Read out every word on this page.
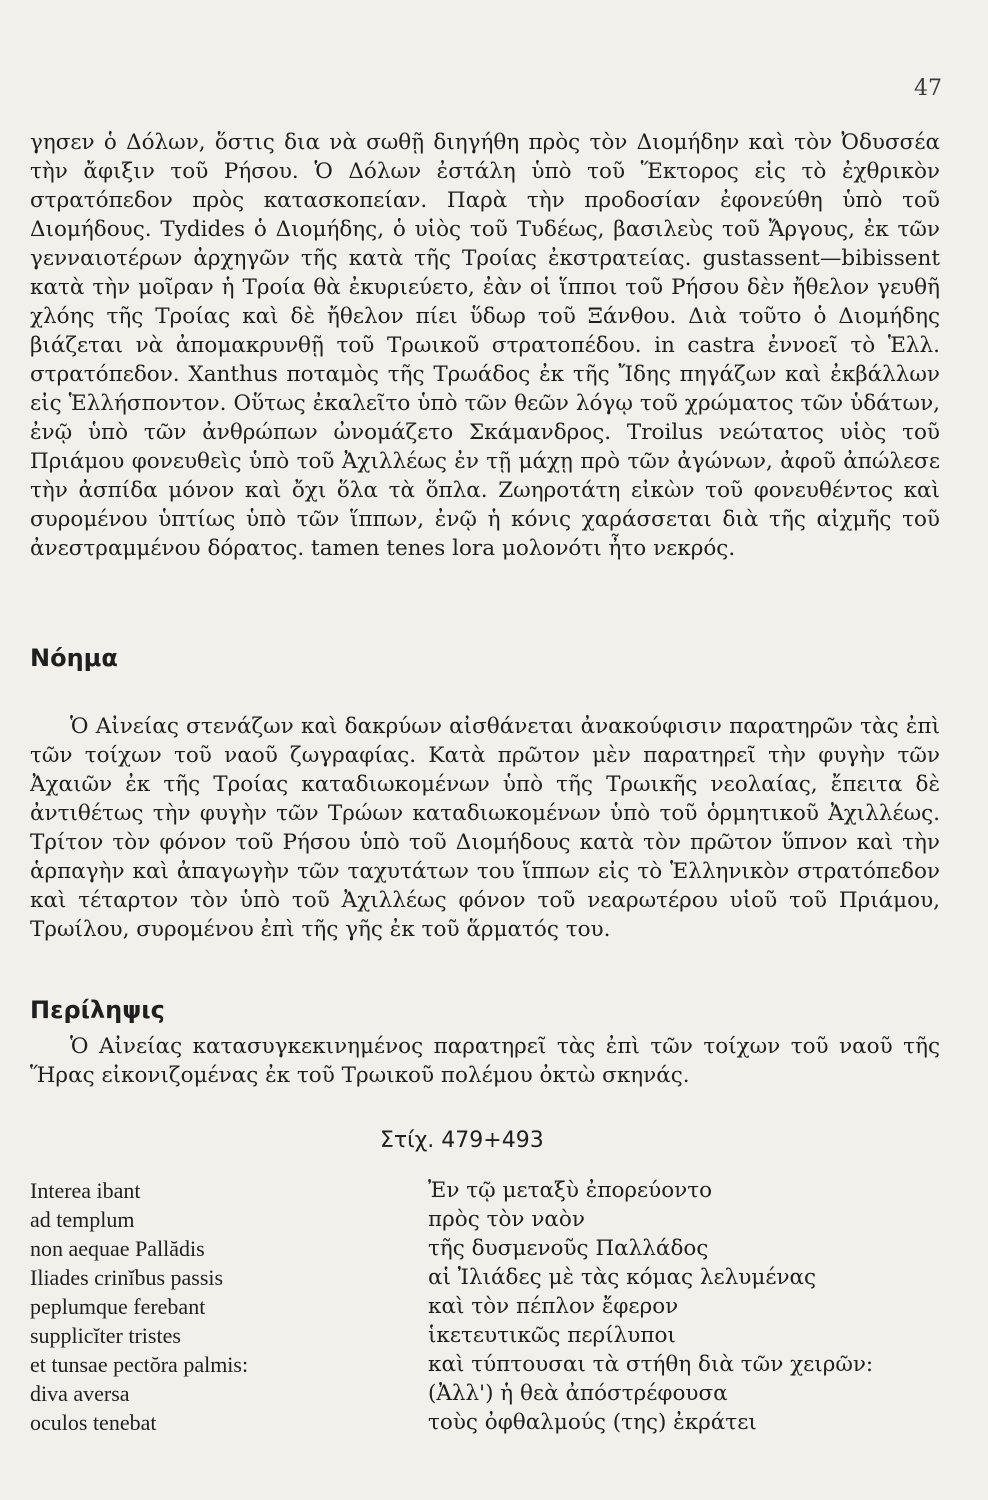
47

γησεν ὁ Δόλων, ὅστις δια νὰ σωθῇ διηγήθη πρὸς τὸν Διομήδην καὶ τὸν Ὀδυσσέα τὴν ἄφιξιν τοῦ Ρήσου. Ὁ Δόλων ἐστάλη ὑπὸ τοῦ Ἕκτορος εἰς τὸ ἐχθρικὸν στρατόπεδον πρὸς κατασκοπείαν. Παρὰ τὴν προδοσίαν ἐφονεύθη ὑπὸ τοῦ Διομήδους. Tydides ὁ Διομήδης, ὁ υἱὸς τοῦ Τυδέως, βασιλεὺς τοῦ Ἄργους, ἐκ τῶν γενναιοτέρων ἀρχηγῶν τῆς κατὰ τῆς Τροίας ἐκστρατείας. gustassent—bibissent κατὰ τὴν μοῖραν ἡ Τροία θὰ ἐκυριεύετο, ἐὰν οἱ ἵπποι τοῦ Ρήσου δὲν ἤθελον γευθῆ χλόης τῆς Τροίας καὶ δὲ ἤθελον πίει ὕδωρ τοῦ Ξάνθου. Διὰ τοῦτο ὁ Διομήδης βιάζεται νὰ ἀπομακρυνθῇ τοῦ Τρωικοῦ στρατοπέδου. in castra ἐννοεῖ τὸ Ἑλλ. στρατόπεδον. Xanthus ποταμὸς τῆς Τρωάδος ἐκ τῆς Ἴδης πηγάζων καὶ ἐκβάλλων εἰς Ἑλλήσποντον. Οὕτως ἐκαλεῖτο ὑπὸ τῶν θεῶν λόγῳ τοῦ χρώματος τῶν ὑδάτων, ἐνῷ ὑπὸ τῶν ἀνθρώπων ὠνομάζετο Σκάμανδρος. Troilus νεώτατος υἱὸς τοῦ Πριάμου φονευθεὶς ὑπὸ τοῦ Ἀχιλλέως ἐν τῇ μάχῃ πρὸ τῶν ἀγώνων, ἀφοῦ ἀπώλεσε τὴν ἀσπίδα μόνον καὶ ὄχι ὅλα τὰ ὅπλα. Ζωηροτάτη εἰκὼν τοῦ φονευθέντος καὶ συρομένου ὑπτίως ὑπὸ τῶν ἵππων, ἐνῷ ἡ κόνις χαράσσεται διὰ τῆς αἰχμῆς τοῦ ἀνεστραμμένου δόρατος. tamen tenes lora μολονότι ἦτο νεκρός.

Νόημα

Ὁ Αἰνείας στενάζων καὶ δακρύων αἰσθάνεται ἀνακούφισιν παρατηρῶν τὰς ἐπὶ τῶν τοίχων τοῦ ναοῦ ζωγραφίας. Κατὰ πρῶτον μὲν παρατηρεῖ τὴν φυγὴν τῶν Ἀχαιῶν ἐκ τῆς Τροίας καταδιωκομένων ὑπὸ τῆς Τρωικῆς νεολαίας, ἔπειτα δὲ ἀντιθέτως τὴν φυγὴν τῶν Τρώων καταδιωκομένων ὑπὸ τοῦ ὁρμητικοῦ Ἀχιλλέως. Τρίτον τὸν φόνον τοῦ Ρήσου ὑπὸ τοῦ Διομήδους κατὰ τὸν πρῶτον ὕπνον καὶ τὴν ἁρπαγὴν καὶ ἀπαγωγὴν τῶν ταχυτάτων του ἵππων εἰς τὸ Ἑλληνικὸν στρατόπεδον καὶ τέταρτον τὸν ὑπὸ τοῦ Ἀχιλλέως φόνον τοῦ νεαρωτέρου υἱοῦ τοῦ Πριάμου, Τρωίλου, συρομένου ἐπὶ τῆς γῆς ἐκ τοῦ ἅρματός του.

Περίληψις

Ὁ Αἰνείας κατασυγκεκινημένος παρατηρεῖ τὰς ἐπὶ τῶν τοίχων τοῦ ναοῦ τῆς Ἥρας εἰκονιζομένας ἐκ τοῦ Τρωικοῦ πολέμου ὀκτὼ σκηνάς.

Στίχ. 479+493
Interea ibant	Ἐν τῷ μεταξὺ ἐπορεύοντο
ad templum	πρὸς τὸν ναὸν
non aequae Pallădis	τῆς δυσμενοῦς Παλλάδος
Iliades crinĭbus passis	αἱ Ἰλιάδες μὲ τὰς κόμας λελυμένας
peplumque ferebant	καὶ τὸν πέπλον ἔφερον
supplicĭter tristes	ἱκετευτικῶς περίλυποι
et tunsae pectŏra palmis:	καὶ τύπτουσαι τὰ στήθη διὰ τῶν χειρῶν:
diva aversa	(Ἀλλ') ἡ θεὰ ἀπόστρέφουσα
oculos tenebat	τοὺς ὀφθαλμούς (της) ἐκράτει
